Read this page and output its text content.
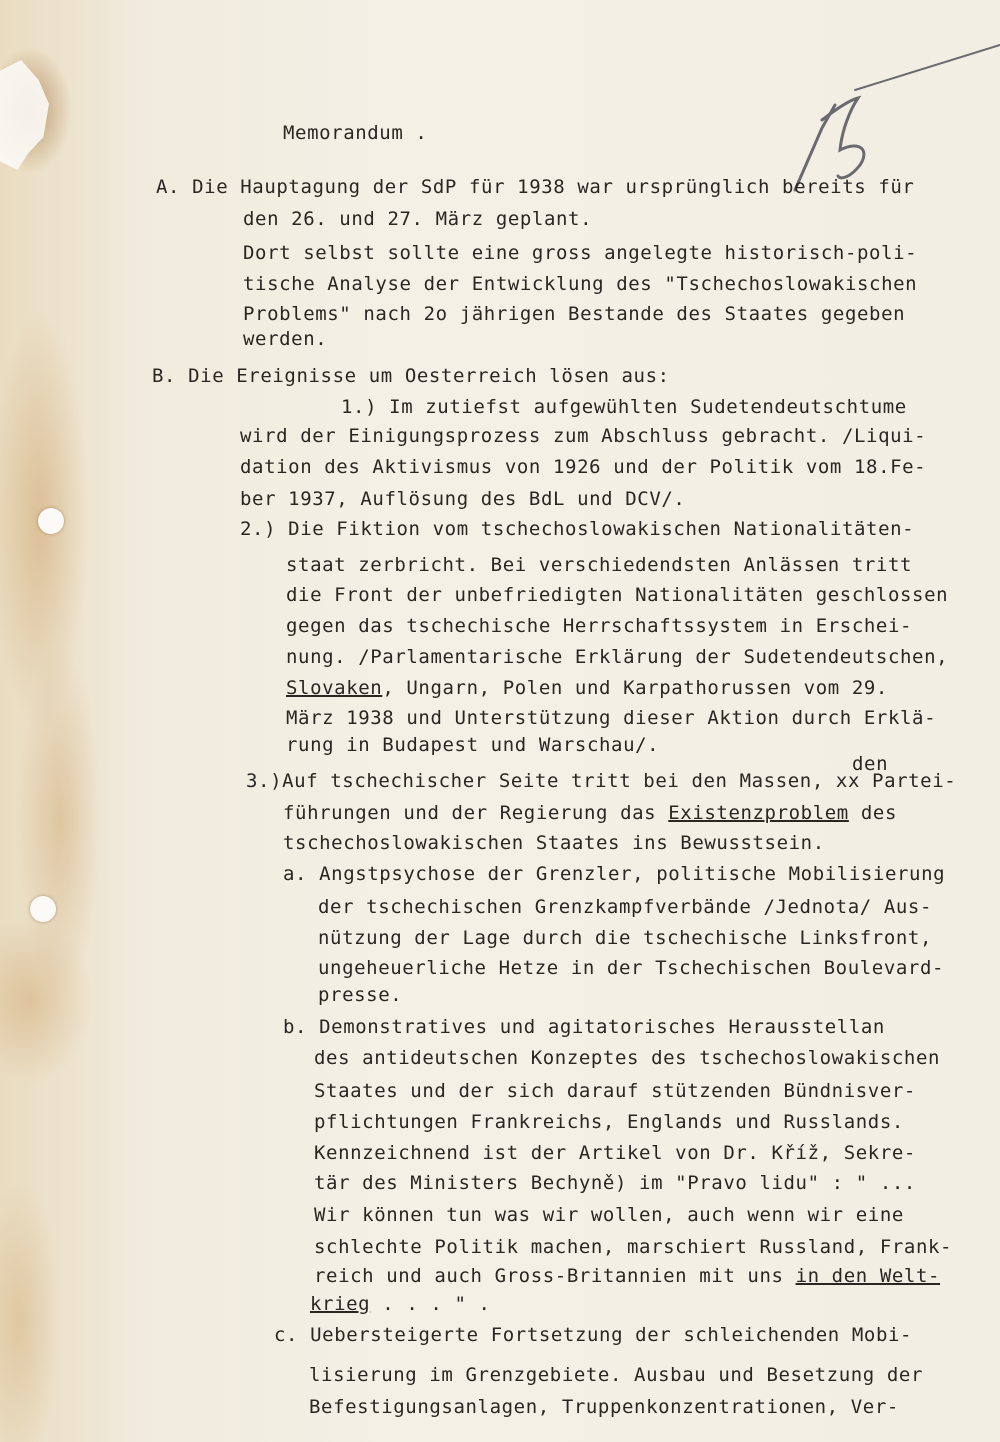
Memorandum .
A. Die Hauptagung der SdP für 1938 war ursprünglich bereits für
den 26. und 27. März geplant.
Dort selbst sollte eine gross angelegte historisch-poli-
tische Analyse der Entwicklung des "Tschechoslowakischen
Problems" nach 2o jährigen Bestande des Staates gegeben
werden.
B. Die Ereignisse um Oesterreich lösen aus:
1.) Im zutiefst aufgewühlten Sudetendeutschtume
wird der Einigungsprozess zum Abschluss gebracht. /Liqui-
dation des Aktivismus von 1926 und der Politik vom 18.Fe-
ber 1937, Auflösung des BdL und DCV/.
2.) Die Fiktion vom tschechoslowakischen Nationalitäten-
staat zerbricht. Bei verschiedendsten Anlässen tritt
die Front der unbefriedigten Nationalitäten geschlossen
gegen das tschechische Herrschaftssystem in Erschei-
nung. /Parlamentarische Erklärung der Sudetendeutschen,
Slovaken, Ungarn, Polen und Karpathorussen vom 29.
März 1938 und Unterstützung dieser Aktion durch Erklä-
rung in Budapest und Warschau/.
den
3.)Auf tschechischer Seite tritt bei den Massen, xx Partei-
führungen und der Regierung das Existenzproblem des
tschechoslowakischen Staates ins Bewusstsein.
a. Angstpsychose der Grenzler, politische Mobilisierung
der tschechischen Grenzkampfverbände /Jednota/ Aus-
nützung der Lage durch die tschechische Linksfront,
ungeheuerliche Hetze in der Tschechischen Boulevard-
presse.
b. Demonstratives und agitatorisches Herausstellan
des antideutschen Konzeptes des tschechoslowakischen
Staates und der sich darauf stützenden Bündnisver-
pflichtungen Frankreichs, Englands und Russlands.
Kennzeichnend ist der Artikel von Dr. Kříž, Sekre-
tär des Ministers Bechyně) im "Pravo lidu" : " ...
Wir können tun was wir wollen, auch wenn wir eine
schlechte Politik machen, marschiert Russland, Frank-
reich und auch Gross-Britannien mit uns in den Welt-
krieg . . . " .
c. Uebersteigerte Fortsetzung der schleichenden Mobi-
lisierung im Grenzgebiete. Ausbau und Besetzung der
Befestigungsanlagen, Truppenkonzentrationen, Ver-
